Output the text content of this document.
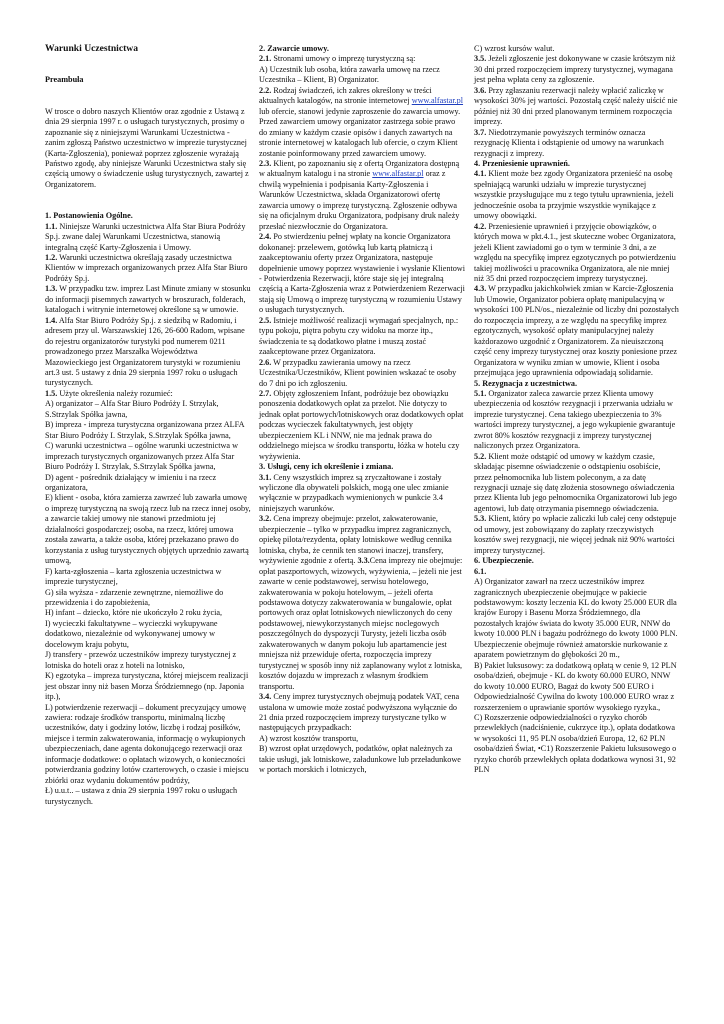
Warunki Uczestnictwa

Preambuła

W trosce o dobro naszych Klientów oraz zgodnie z Ustawą z dnia 29 sierpnia 1997 r. o usługach turystycznych, prosimy o zapoznanie się z niniejszymi Warunkami Uczestnictwa - zanim zgłoszą Państwo uczestnictwo w imprezie turystycznej (Karta-Zgłoszenia), ponieważ poprzez zgłoszenie wyrażają Państwo zgodę, aby niniejsze Warunki Uczestnictwa stały się częścią umowy o świadczenie usług turystycznych, zawartej z Organizatorem.

1. Postanowienia Ogólne.

1.1. Niniejsze Warunki uczestnictwa Alfa Star Biura Podróży Sp.j. zwane dalej Warunkami Uczestnictwa, stanowią integralną część Karty-Zgłoszenia i Umowy.

1.2. Warunki uczestnictwa określają zasady uczestnictwa Klientów w imprezach organizowanych przez Alfa Star Biuro Podróży Sp.j.

1.3. W przypadku tzw. imprez Last Minute zmiany w stosunku do informacji pisemnych zawartych w broszurach, folderach, katalogach i witrynie internetowej określone są w umowie.

1.4. Alfa Star Biuro Podróży Sp.j. z siedzibą w Radomiu, i adresem przy ul. Warszawskiej 126, 26-600 Radom, wpisane do rejestru organizatorów turystyki pod numerem 0211 prowadzonego przez Marszałka Województwa Mazowieckiego jest Organizatorem turystyki w rozumieniu art.3 ust. 5 ustawy z dnia 29 sierpnia 1997 roku o usługach turystycznych.

1.5. Użyte określenia należy rozumieć:

A) organizator – Alfa Star Biuro Podróży I. Strzylak, S.Strzylak Spółka jawna,

B) impreza - impreza turystyczna organizowana przez ALFA Star Biuro Podróży I. Strzylak, S.Strzylak Spółka jawna,

C) warunki uczestnictwa – ogólne warunki uczestnictwa w imprezach turystycznych organizowanych przez Alfa Star Biuro Podróży I. Strzylak, S.Strzylak Spółka jawna,

D) agent - pośrednik działający w imieniu i na rzecz organizatora,

E) klient - osoba, która zamierza zawrzeć lub zawarła umowę o imprezę turystyczną na swoją rzecz lub na rzecz innej osoby, a zawarcie takiej umowy nie stanowi przedmiotu jej działalności gospodarczej; osoba, na rzecz, której umowa została zawarta, a także osoba, której przekazano prawo do korzystania z usług turystycznych objętych uprzednio zawartą umową,

F) karta-zgłoszenia – karta zgłoszenia uczestnictwa w imprezie turystycznej,

G) siła wyższa - zdarzenie zewnętrzne, niemożliwe do przewidzenia i do zapobieżenia,

H) infant – dziecko, które nie ukończyło 2 roku życia,

I) wycieczki fakultatywne – wycieczki wykupywane dodatkowo, niezależnie od wykonywanej umowy w docelowym kraju pobytu,

J) transfery - przewóz uczestników imprezy turystycznej z lotniska do hoteli oraz z hoteli na lotnisko,

K) egzotyka – impreza turystyczna, której miejscem realizacji jest obszar inny niż basen Morza Śródziemnego (np. Japonia itp.),

L) potwierdzenie rezerwacji – dokument precyzujący umowę zawiera: rodzaje środków transportu, minimalną liczbę uczestników, daty i godziny lotów, liczbę i rodzaj posiłków, miejsce i termin zakwaterowania, informację o wykupionych ubezpieczeniach, dane agenta dokonującego rezerwacji oraz informacje dodatkowe: o opłatach wizowych, o konieczności potwierdzania godziny lotów czarterowych, o czasie i miejscu zbiórki oraz wydaniu dokumentów podróży,

Ł) u.u.t.. – ustawa z dnia 29 sierpnia 1997 roku o usługach turystycznych.

2. Zawarcie umowy.

2.1. Stronami umowy o imprezę turystyczną są:

A) Uczestnik lub osoba, która zawarła umowę na rzecz Uczestnika – Klient, B) Organizator.

2.2. Rodzaj świadczeń, ich zakres określony w treści aktualnych katalogów, na stronie internetowej www.alfastar.pl lub ofercie, stanowi jedynie zaproszenie do zawarcia umowy. Przed zawarciem umowy organizator zastrzega sobie prawo do zmiany w każdym czasie opisów i danych zawartych na stronie internetowej w katalogach lub ofercie, o czym Klient zostanie poinformowany przed zawarciem umowy.

2.3. Klient, po zapoznaniu się z ofertą Organizatora dostępną w aktualnym katalogu i na stronie www.alfastar.pl oraz z chwilą wypełnienia i podpisania Karty-Zgłoszenia i Warunków Uczestnictwa, składa Organizatorowi ofertę zawarcia umowy o imprezę turystyczną. Zgłoszenie odbywa się na oficjalnym druku Organizatora, podpisany druk należy przesłać niezwłocznie do Organizatora.

2.4. Po stwierdzeniu pełnej wpłaty na koncie Organizatora dokonanej: przelewem, gotówką lub kartą płatniczą i zaakceptowaniu oferty przez Organizatora, następuje dopełnienie umowy poprzez wystawienie i wysłanie Klientowi - Potwierdzenia Rezerwacji, które staje się jej integralną częścią a Karta-Zgłoszenia wraz z Potwierdzeniem Rezerwacji stają się Umową o imprezę turystyczną w rozumieniu Ustawy o usługach turystycznych.

2.5. Istnieje możliwość realizacji wymagań specjalnych, np.: typu pokoju, piętra pobytu czy widoku na morze itp., świadczenia te są dodatkowo płatne i muszą zostać zaakceptowane przez Organizatora.

2.6. W przypadku zawierania umowy na rzecz Uczestnika/Uczestników, Klient powinien wskazać te osoby do 7 dni po ich zgłoszeniu.

2.7. Objęty zgłoszeniem Infant, podróżuje bez obowiązku ponoszenia dodatkowych opłat za przelot. Nie dotyczy to jednak opłat portowych/lotniskowych oraz dodatkowych opłat podczas wycieczek fakultatywnych, jest objęty ubezpieczeniem KL i NNW, nie ma jednak prawa do oddzielnego miejsca w środku transportu, łóżka w hotelu czy wyżywienia.

3. Usługi, ceny ich określenie i zmiana.

3.1. Ceny wszystkich imprez są zryczałtowane i zostały wyliczone dla obywateli polskich, mogą one ulec zmianie wyłącznie w przypadkach wymienionych w punkcie 3.4 niniejszych warunków.

3.2. Cena imprezy obejmuje: przelot, zakwaterowanie, ubezpieczenie – tylko w przypadku imprez zagranicznych, opiekę pilota/rezydenta, opłaty lotniskowe według cennika lotniska, chyba, że cennik ten stanowi inaczej, transfery, wyżywienie zgodnie z ofertą. 3.3.Cena imprezy nie obejmuje: opłat paszportowych, wizowych, wyżywienia, – jeżeli nie jest zawarte w cenie podstawowej, serwisu hotelowego, zakwaterowania w pokoju hotelowym, – jeżeli oferta podstawowa dotyczy zakwaterowania w bungalowie, opłat portowych oraz opłat lotniskowych niewliczonych do ceny podstawowej, niewykorzystanych miejsc noclegowych poszczególnych do dyspozycji Turysty, jeżeli liczba osób zakwaterowanych w danym pokoju lub apartamencie jest mniejsza niż przewiduje oferta, rozpoczęcia imprezy turystycznej w sposób inny niż zaplanowany wylot z lotniska, kosztów dojazdu w imprezach z własnym środkiem transportu.

3.4. Ceny imprez turystycznych obejmują podatek VAT, cena ustalona w umowie może zostać podwyższona wyłącznie do 21 dnia przed rozpoczęciem imprezy turystyczne tylko w następujących przypadkach:

A) wzrost kosztów transportu,

B) wzrost opłat urzędowych, podatków, opłat należnych za takie usługi, jak lotniskowe, załadunkowe lub przeładunkowe w portach morskich i lotniczych,

C) wzrost kursów walut.

3.5. Jeżeli zgłoszenie jest dokonywane w czasie krótszym niż 30 dni przed rozpoczęciem imprezy turystycznej, wymagana jest pełna wpłata ceny za zgłoszenie.

3.6. Przy zgłaszaniu rezerwacji należy wpłacić zaliczkę w wysokości 30% jej wartości. Pozostałą część należy uiścić nie później niż 30 dni przed planowanym terminem rozpoczęcia imprezy.

3.7. Niedotrzymanie powyższych terminów oznacza rezygnację Klienta i odstąpienie od umowy na warunkach rezygnacji z imprezy.

4. Przeniesienie uprawnień.

4.1. Klient może bez zgody Organizatora przenieść na osobę spełniającą warunki udziału w imprezie turystycznej wszystkie przysługujące mu z tego tytułu uprawnienia, jeżeli jednocześnie osoba ta przyjmie wszystkie wynikające z umowy obowiązki.

4.2. Przeniesienie uprawnień i przyjęcie obowiązków, o których mowa w pkt.4.1., jest skuteczne wobec Organizatora, jeżeli Klient zawiadomi go o tym w terminie 3 dni, a ze względu na specyfikę imprez egzotycznych po potwierdzeniu takiej możliwości u pracownika Organizatora, ale nie mniej niż 35 dni przed rozpoczęciem imprezy turystycznej.

4.3. W przypadku jakichkolwiek zmian w Karcie-Zgłoszenia lub Umowie, Organizator pobiera opłatę manipulacyjną w wysokości 100 PLN/os., niezależnie od liczby dni pozostałych do rozpoczęcia imprezy, a ze względu na specyfikę imprez egzotycznych, wysokość opłaty manipulacyjnej należy każdorazowo uzgodnić z Organizatorem. Za nieuiszczoną część ceny imprezy turystycznej oraz koszty poniesione przez Organizatora w wyniku zmian w umowie, Klient i osoba przejmująca jego uprawnienia odpowiadają solidarnie.

5. Rezygnacja z uczestnictwa.

5.1. Organizator zaleca zawarcie przez Klienta umowy ubezpieczenia od kosztów rezygnacji i przerwania udziału w imprezie turystycznej. Cena takiego ubezpieczenia to 3% wartości imprezy turystycznej, a jego wykupienie gwarantuje zwrot 80% kosztów rezygnacji z imprezy turystycznej naliczonych przez Organizatora.

5.2. Klient może odstąpić od umowy w każdym czasie, składając pisemne oświadczenie o odstąpieniu osobiście, przez pełnomocnika lub listem poleconym, a za datę rezygnacji uznaje się datę złożenia stosownego oświadczenia przez Klienta lub jego pełnomocnika Organizatorowi lub jego agentowi, lub datę otrzymania pisemnego oświadczenia.

5.3. Klient, który po wpłacie zaliczki lub całej ceny odstępuje od umowy, jest zobowiązany do zapłaty rzeczywistych kosztów swej rezygnacji, nie więcej jednak niż 90% wartości imprezy turystycznej.

6. Ubezpieczenie.

6.1.

A) Organizator zawarł na rzecz uczestników imprez zagranicznych ubezpieczenie obejmujące w pakiecie podstawowym: koszty leczenia KL do kwoty 25.000 EUR dla krajów Europy i Basenu Morza Śródziemnego, dla pozostałych krajów świata do kwoty 35.000 EUR, NNW do kwoty 10.000 PLN i bagażu podróżnego do kwoty 1000 PLN. Ubezpieczenie obejmuje również amatorskie nurkowanie z aparatem powietrznym do głębokości 20 m.,

B) Pakiet luksusowy: za dodatkową opłatą w cenie 9, 12 PLN osoba/dzień, obejmuje - KL do kwoty 60.000 EURO, NNW do kwoty 10.000 EURO, Bagaż do kwoty 500 EURO i Odpowiedzialność Cywilna do kwoty 100.000 EURO wraz z rozszerzeniem o uprawianie sportów wysokiego ryzyka.,

C) Rozszerzenie odpowiedzialności o ryzyko chorób przewlekłych (nadciśnienie, cukrzyce itp.), opłata dodatkowa w wysokości 11, 95 PLN osoba/dzień Europa, 12, 62 PLN osoba/dzień Świat, •C1) Rozszerzenie Pakietu luksusowego o ryzyko chorób przewlekłych opłata dodatkowa wynosi 31, 92 PLN
